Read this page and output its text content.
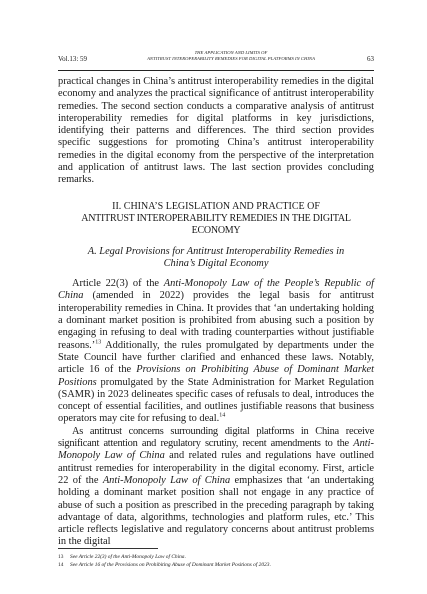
Vol.13: 59
THE APPLICATION AND LIMITS OF
ANTITRUST INTEROPERABILITY REMEDIES FOR DIGITAL PLATFORMS IN CHINA	63

practical changes in China’s antitrust interoperability remedies in the digital economy and analyzes the practical significance of antitrust interoperability remedies. The second section conducts a comparative analysis of antitrust interoperability remedies for digital platforms in key jurisdictions, identifying their patterns and differences. The third section provides specific suggestions for promoting China’s antitrust interoperability remedies in the digital economy from the perspective of the interpretation and application of antitrust laws. The last section provides concluding remarks.

II. CHINA’S LEGISLATION AND PRACTICE OF
ANTITRUST INTEROPERABILITY REMEDIES IN THE DIGITAL ECONOMY
A. Legal Provisions for Antitrust Interoperability Remedies in
China’s Digital Economy

Article 22(3) of the Anti-Monopoly Law of the People’s Republic of China (amended in 2022) provides the legal basis for antitrust interoperability remedies in China. It provides that ‘an undertaking holding a dominant market position is prohibited from abusing such a position by engaging in refusing to deal with trading counterparties without justifiable reasons.’$^{13}$ Additionally, the rules promulgated by departments under the State Council have further clarified and enhanced these laws. Notably, article 16 of the Provisions on Prohibiting Abuse of Dominant Market Positions promulgated by the State Administration for Market Regulation (SAMR) in 2023 delineates specific cases of refusals to deal, introduces the concept of essential facilities, and outlines justifiable reasons that business operators may cite for refusing to deal.$^{14}$

As antitrust concerns surrounding digital platforms in China receive significant attention and regulatory scrutiny, recent amendments to the Anti-Monopoly Law of China and related rules and regulations have outlined antitrust remedies for interoperability in the digital economy. First, article 22 of the Anti-Monopoly Law of China emphasizes that ‘an undertaking holding a dominant market position shall not engage in any practice of abuse of such a position as prescribed in the preceding paragraph by taking advantage of data, algorithms, technologies and platform rules, etc.’ This article reflects legislative and regulatory concerns about antitrust problems in the digital

13 See Article 22(3) of the Anti-Monopoly Law of China.
14 See Article 16 of the Provisions on Prohibiting Abuse of Dominant Market Positions of 2023.
